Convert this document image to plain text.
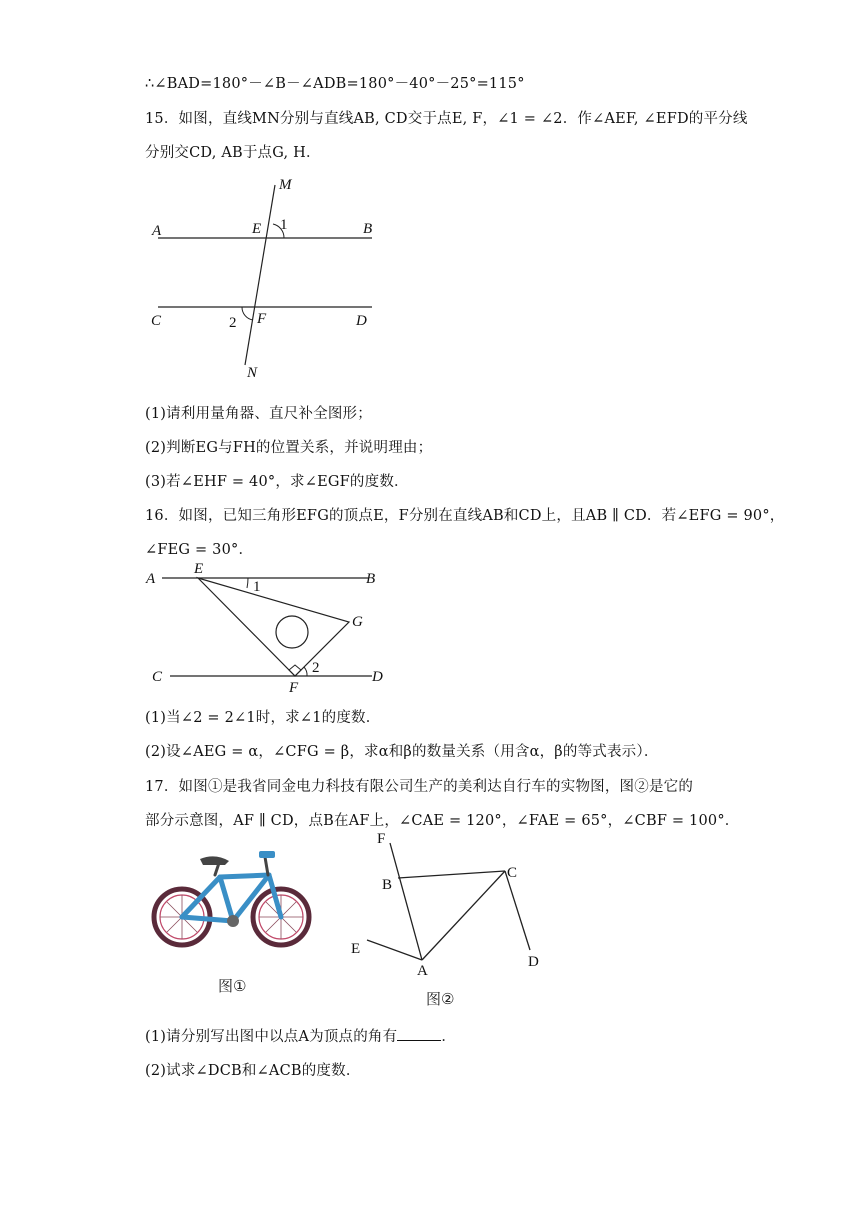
∴∠BAD=180°－∠B－∠ADB=180°－40°－25°=115°
15．如图，直线MN分别与直线AB, CD交于点E, F，∠1 = ∠2．作∠AEF, ∠EFD的平分线
分别交CD, AB于点G, H．
M
A	E 1	B
C	2 F	D
N
(1)请利用量角器、直尺补全图形；
(2)判断EG与FH的位置关系，并说明理由；
(3)若∠EHF = 40°，求∠EGF的度数．
16．如图，已知三角形EFG的顶点E，F分别在直线AB和CD上，且AB ∥ CD．若∠EFG = 90°，
∠FEG = 30°．
A
E
1	B
G
C
F
2
D
(1)当∠2 = 2∠1时，求∠1的度数．
(2)设∠AEG = α，∠CFG = β，求α和β的数量关系（用含α，β的等式表示）．
17．如图①是我省同金电力科技有限公司生产的美利达自行车的实物图，图②是它的
部分示意图，AF ∥ CD，点B在AF上，∠CAE = 120°，∠FAE = 65°，∠CBF = 100°．
图①
F
B
C
E
A
D
图②
(1)请分别写出图中以点A为顶点的角有	．
(2)试求∠DCB和∠ACB的度数．
